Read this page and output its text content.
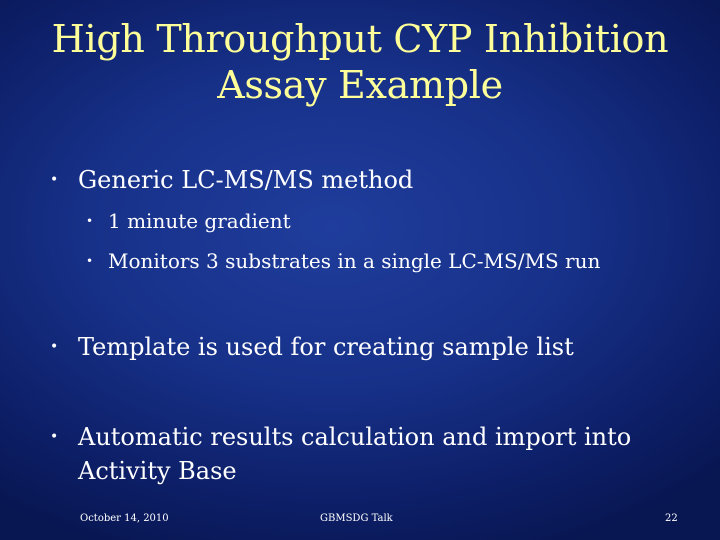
High Throughput CYP Inhibition
Assay Example
• Generic LC-MS/MS method
• 1 minute gradient
• Monitors 3 substrates in a single LC-MS/MS run
• Template is used for creating sample list
• Automatic results calculation and import into
Activity Base
October 14, 2010	GBMSDG Talk	22
